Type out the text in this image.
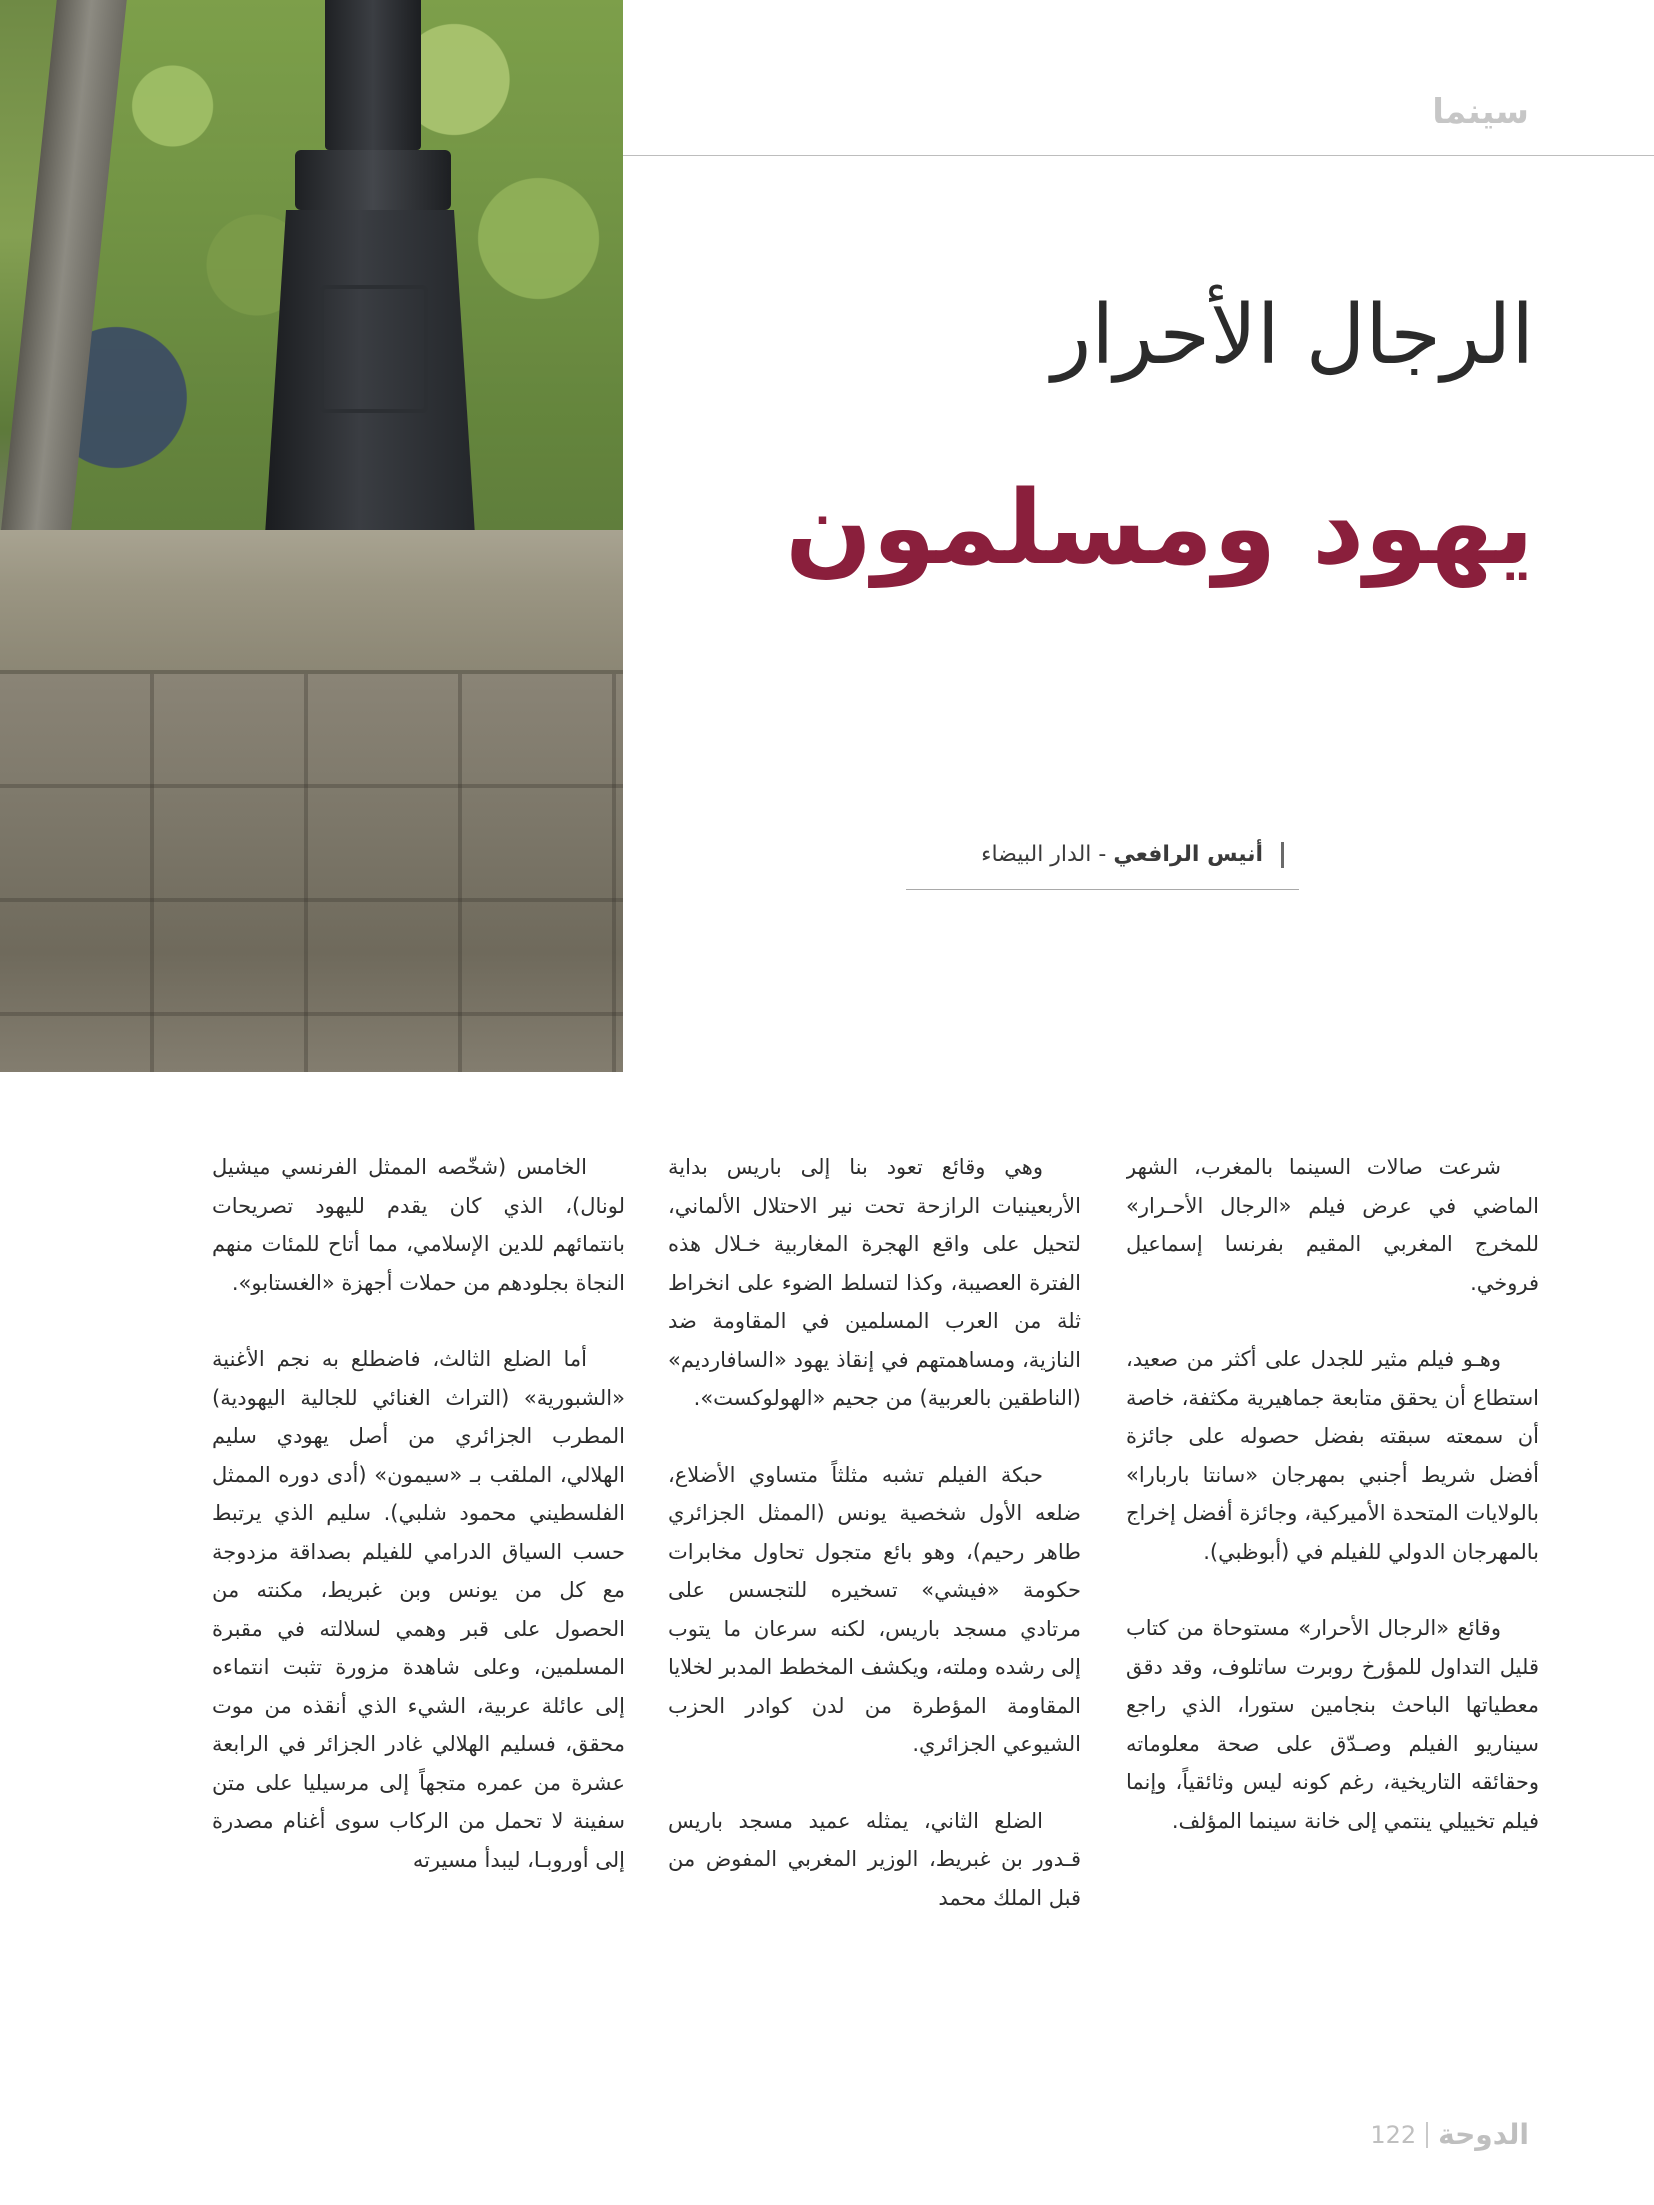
سينما
الرجال الأحرار
يهود ومسلمون
أنيس الرافعي - الدار البيضاء

شرعت صالات السينما بالمغرب، الشهر الماضي في عرض فيلم «الرجال الأحـرار» للمخرج المغربي المقيم بفرنسا إسماعيل فروخي.

وهـو فيلم مثير للجدل على أكثر من صعيد، استطاع أن يحقق متابعة جماهيرية مكثفة، خاصة أن سمعته سبقته بفضل حصوله على جائزة أفضل شريط أجنبي بمهرجان «سانتا باربارا» بالولايات المتحدة الأميركية، وجائزة أفضل إخراج بالمهرجان الدولي للفيلم في (أبوظبي).

وقائع «الرجال الأحرار» مستوحاة من كتاب قليل التداول للمؤرخ روبرت ساتلوف، وقد دقق معطياتها الباحث بنجامين ستورا، الذي راجع سيناريو الفيلم وصـدّق على صحة معلوماته وحقائقه التاريخية، رغم كونه ليس وثائقياً، وإنما فيلم تخييلي ينتمي إلى خانة سينما المؤلف.

وهي وقائع تعود بنا إلى باريس بداية الأربعينيات الرازحة تحت نير الاحتلال الألماني، لتحيل على واقع الهجرة المغاربية خـلال هذه الفترة العصيبة، وكذا لتسلط الضوء على انخراط ثلة من العرب المسلمين في المقاومة ضد النازية، ومساهمتهم في إنقاذ يهود «السافارديم» (الناطقين بالعربية) من جحيم «الهولوكست».

حبكة الفيلم تشبه مثلثاً متساوي الأضلاع، ضلعه الأول شخصية يونس (الممثل الجزائري طاهر رحيم)، وهو بائع متجول تحاول مخابرات حكومة «فيشي» تسخيره للتجسس على مرتادي مسجد باريس، لكنه سرعان ما يتوب إلى رشده وملته، ويكشف المخطط المدبر لخلايا المقاومة المؤطرة من لدن كوادر الحزب الشيوعي الجزائري.

الضلع الثاني، يمثله عميد مسجد باريس قـدور بن غبريط، الوزير المغربي المفوض من قبل الملك محمد

الخامس (شخّصه الممثل الفرنسي ميشيل لونال)، الذي كان يقدم لليهود تصريحات بانتمائهم للدين الإسلامي، مما أتاح للمئات منهم النجاة بجلودهم من حملات أجهزة «الغستابو».

أما الضلع الثالث، فاضطلع به نجم الأغنية «الشبورية» (التراث الغنائي للجالية اليهودية) المطرب الجزائري من أصل يهودي سليم الهلالي، الملقب بـ «سيمون» (أدى دوره الممثل الفلسطيني محمود شلبي). سليم الذي يرتبط حسب السياق الدرامي للفيلم بصداقة مزدوجة مع كل من يونس وبن غبريط، مكنته من الحصول على قبر وهمي لسلالته في مقبرة المسلمين، وعلى شاهدة مزورة تثبت انتماءه إلى عائلة عربية، الشيء الذي أنقذه من موت محقق، فسليم الهلالي غادر الجزائر في الرابعة عشرة من عمره متجهاً إلى مرسيليا على متن سفينة لا تحمل من الركاب سوى أغنام مصدرة إلى أوروبـا، ليبدأ مسيرته

الدوحة
122
